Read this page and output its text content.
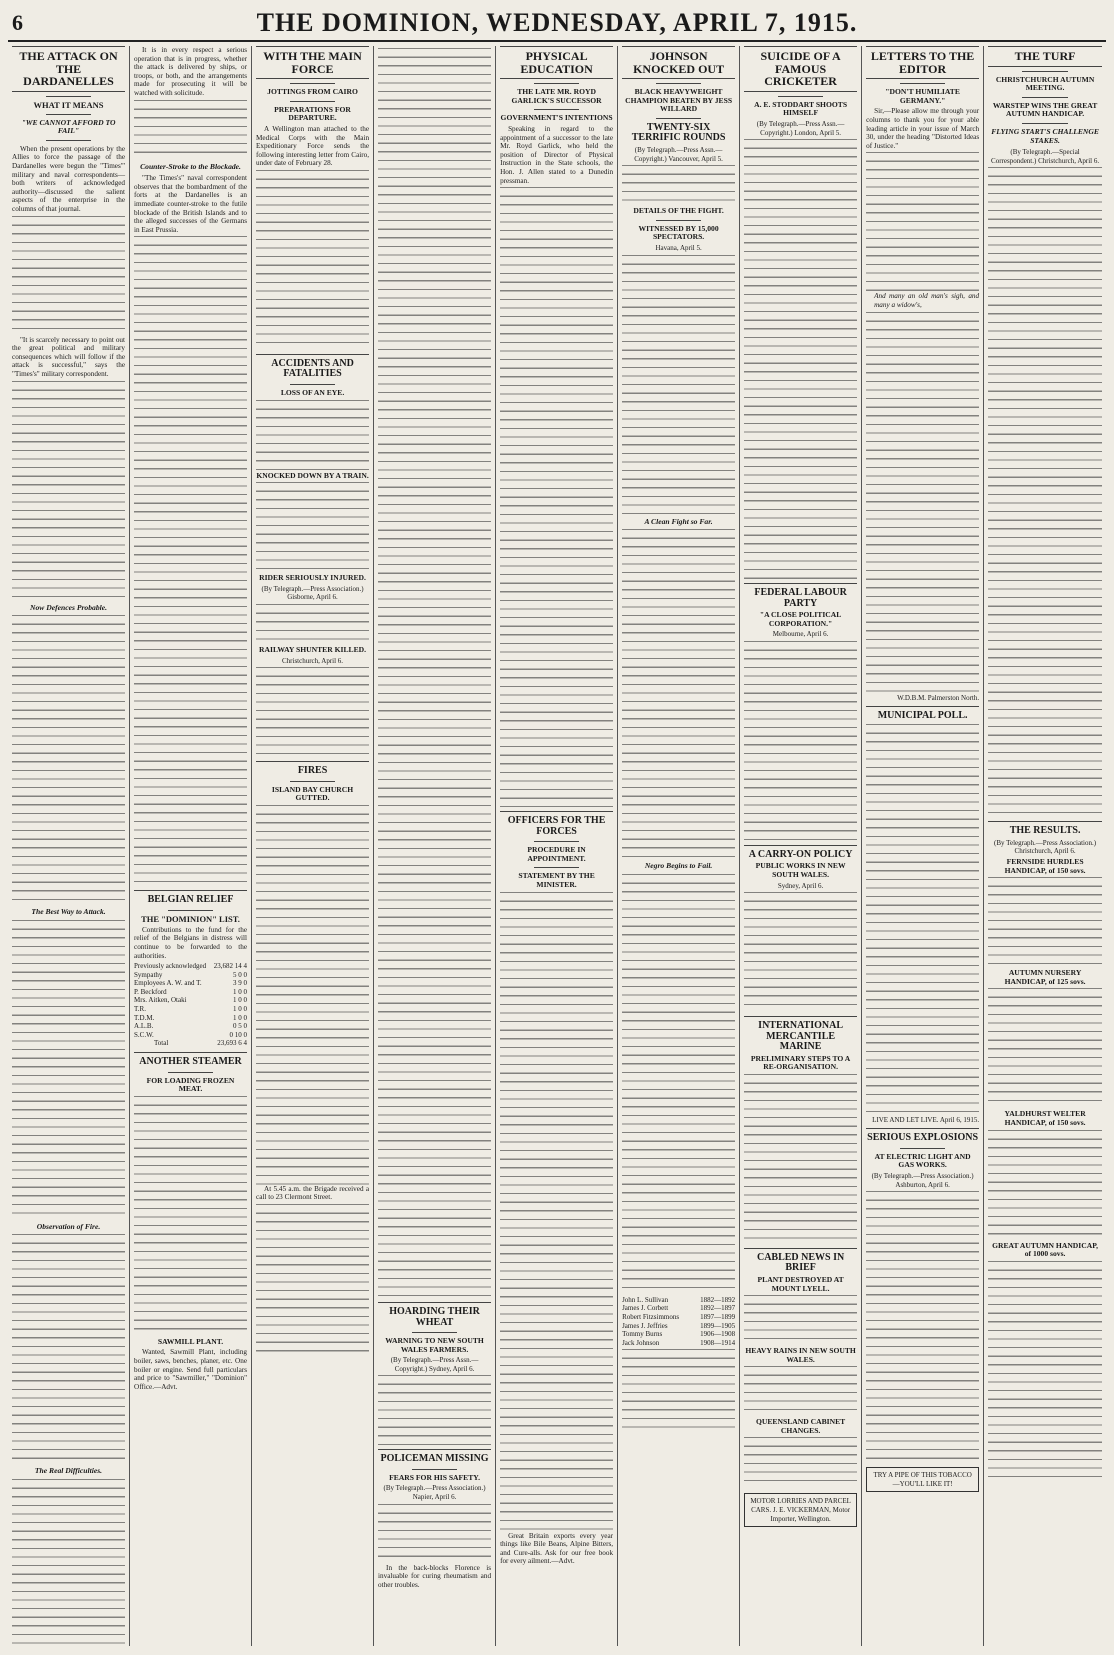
6	THE DOMINION, WEDNESDAY, APRIL 7, 1915.
THE ATTACK ON THE DARDANELLES
WHAT IT MEANS
"WE CANNOT AFFORD TO FAIL"

When the present operations by the Allies to force the passage of the Dardanelles were begun the "Times'" military and naval correspondents—both writers of acknowledged authority—discussed the salient aspects of the enterprise in the columns of that journal.

"It is scarcely necessary to point out the great political and military consequences which will follow if the attack is successful," says the "Times's" military correspondent.

Now Defences Probable.
The Best Way to Attack.
Observation of Fire.
The Real Difficulties.

It is in every respect a serious operation that is in progress, whether the attack is delivered by ships, or troops, or both, and the arrangements made for prosecuting it will be watched with solicitude.

Counter-Stroke to the Blockade.

"The Times's" naval correspondent observes that the bombardment of the forts at the Dardanelles is an immediate counter-stroke to the futile blockade of the British Islands and to the alleged successes of the Germans in East Prussia.

BELGIAN RELIEF
THE "DOMINION" LIST.

Contributions to the fund for the relief of the Belgians in distress will continue to be forwarded to the authorities.

Previously acknowledged	23,682 14 4
Sympathy	5 0 0
Employees A. W. and T.	3 9 0
P. Beckford	1 0 0
Mrs. Aitken, Otaki	1 0 0
T.R.	1 0 0
T.D.M.	1 0 0
A.L.B.	0 5 0
S.C.W.	0 10 0
Total	23,693 6 4
ANOTHER STEAMER
FOR LOADING FROZEN MEAT.
SAWMILL PLANT.

Wanted, Sawmill Plant, including boiler, saws, benches, planer, etc. One boiler or engine. Send full particulars and price to "Sawmiller," "Dominion" Office.—Advt.

WITH THE MAIN FORCE
JOTTINGS FROM CAIRO
PREPARATIONS FOR DEPARTURE.

A Wellington man attached to the Medical Corps with the Main Expeditionary Force sends the following interesting letter from Cairo, under date of February 28.

ACCIDENTS AND FATALITIES
LOSS OF AN EYE.
KNOCKED DOWN BY A TRAIN.
RIDER SERIOUSLY INJURED.
(By Telegraph.—Press Association.) Gisborne, April 6.
RAILWAY SHUNTER KILLED.
Christchurch, April 6.
FIRES
ISLAND BAY CHURCH GUTTED.

At 5.45 a.m. the Brigade received a call to 23 Clermont Street.

HOARDING THEIR WHEAT
WARNING TO NEW SOUTH WALES FARMERS.
(By Telegraph.—Press Assn.—Copyright.) Sydney, April 6.
POLICEMAN MISSING
FEARS FOR HIS SAFETY.
(By Telegraph.—Press Association.) Napier, April 6.

In the back-blocks Florence is invaluable for curing rheumatism and other troubles.

PHYSICAL EDUCATION
THE LATE MR. ROYD GARLICK'S SUCCESSOR
GOVERNMENT'S INTENTIONS

Speaking in regard to the appointment of a successor to the late Mr. Royd Garlick, who held the position of Director of Physical Instruction in the State schools, the Hon. J. Allen stated to a Dunedin pressman.

OFFICERS FOR THE FORCES
PROCEDURE IN APPOINTMENT.
STATEMENT BY THE MINISTER.

Great Britain exports every year things like Bile Beans, Alpine Bitters, and Cure-alls. Ask for our free book for every ailment.—Advt.

JOHNSON KNOCKED OUT
BLACK HEAVYWEIGHT CHAMPION BEATEN BY JESS WILLARD
TWENTY-SIX TERRIFIC ROUNDS
(By Telegraph.—Press Assn.—Copyright.) Vancouver, April 5.
DETAILS OF THE FIGHT.
WITNESSED BY 15,000 SPECTATORS.
Havana, April 5.
A Clean Fight so Far.
Negro Begins to Fail.
John L. Sullivan	1882—1892
James J. Corbett	1892—1897
Robert Fitzsimmons	1897—1899
James J. Jeffries	1899—1905
Tommy Burns	1906—1908
Jack Johnson	1908—1914
SUICIDE OF A FAMOUS CRICKETER
A. E. STODDART SHOOTS HIMSELF
(By Telegraph.—Press Assn.—Copyright.) London, April 5.
FEDERAL LABOUR PARTY
"A CLOSE POLITICAL CORPORATION."
Melbourne, April 6.
A CARRY-ON POLICY
PUBLIC WORKS IN NEW SOUTH WALES.
Sydney, April 6.
INTERNATIONAL MERCANTILE MARINE
PRELIMINARY STEPS TO A RE-ORGANISATION.
CABLED NEWS IN BRIEF
PLANT DESTROYED AT MOUNT LYELL.
HEAVY RAINS IN NEW SOUTH WALES.
QUEENSLAND CABINET CHANGES.
MOTOR LORRIES AND PARCEL CARS. J. E. VICKERMAN, Motor Importer, Wellington.
LETTERS TO THE EDITOR
"DON'T HUMILIATE GERMANY."

Sir,—Please allow me through your columns to thank you for your able leading article in your issue of March 30, under the heading "Distorted Ideas of Justice."

And many an old man's sigh, and many a widow's,

W.D.B.M. Palmerston North.
MUNICIPAL POLL.
LIVE AND LET LIVE. April 6, 1915.
SERIOUS EXPLOSIONS
AT ELECTRIC LIGHT AND GAS WORKS.
(By Telegraph.—Press Association.) Ashburton, April 6.
TRY A PIPE OF THIS TOBACCO—YOU'LL LIKE IT!
THE TURF
CHRISTCHURCH AUTUMN MEETING.
WARSTEP WINS THE GREAT AUTUMN HANDICAP.
FLYING START'S CHALLENGE STAKES.
(By Telegraph.—Special Correspondent.) Christchurch, April 6.
THE RESULTS.
(By Telegraph.—Press Association.) Christchurch, April 6.
FERNSIDE HURDLES HANDICAP, of 150 sovs.
AUTUMN NURSERY HANDICAP, of 125 sovs.
YALDHURST WELTER HANDICAP, of 150 sovs.
GREAT AUTUMN HANDICAP, of 1000 sovs.
